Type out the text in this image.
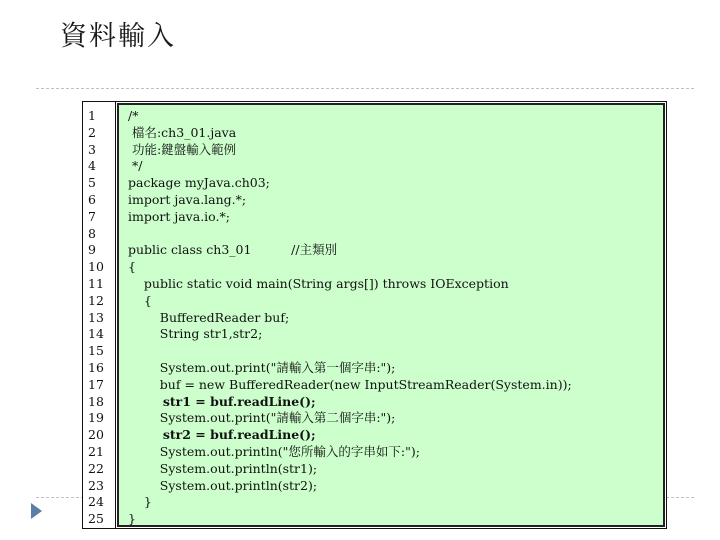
資料輸入
1
2
3
4
5
6
7
8
9
10
11
12
13
14
15
16
17
18
19
20
21
22
23
24
25
/*
檔名:ch3_01.java
功能:鍵盤輸入範例
*/
package myJava.ch03;
import java.lang.*;
import java.io.*;
public class ch3_01          //主類別
{
public static void main(String args[]) throws IOException
{
BufferedReader buf;
String str1,str2;
System.out.print("請輸入第一個字串:");
buf = new BufferedReader(new InputStreamReader(System.in));
str1 = buf.readLine();
System.out.print("請輸入第二個字串:");
str2 = buf.readLine();
System.out.println("您所輸入的字串如下:");
System.out.println(str1);
System.out.println(str2);
}
}
